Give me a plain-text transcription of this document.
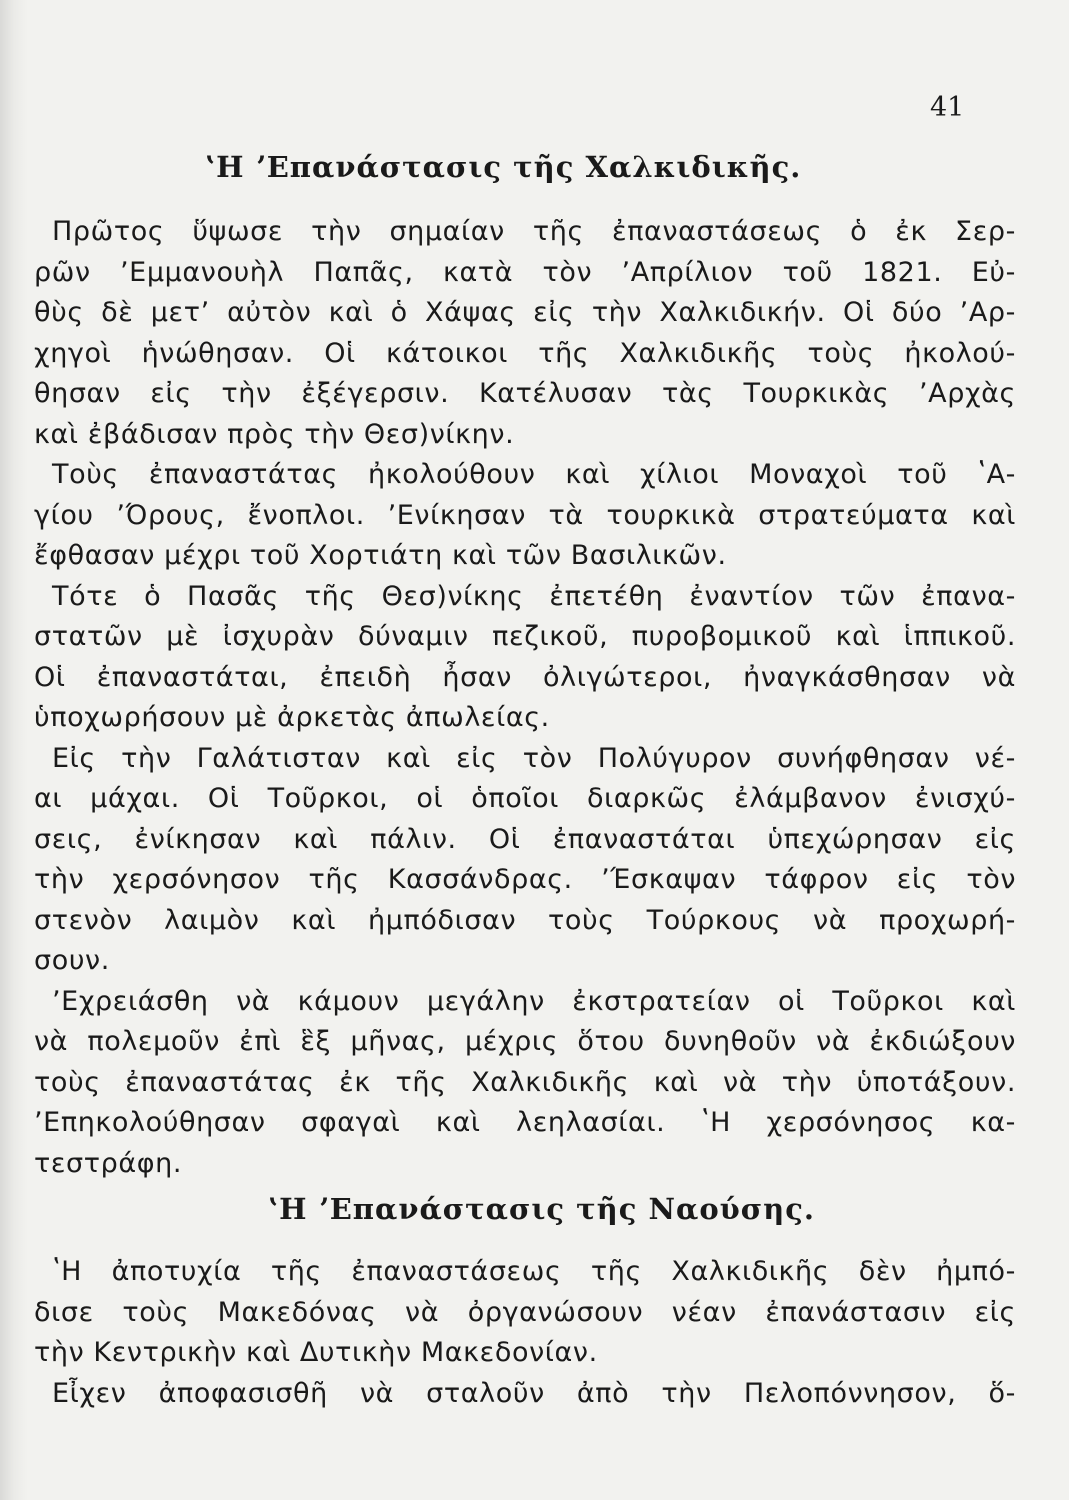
41
ʽΗ ʼΕπανάστασις τῆς Χαλκιδικῆς.
Πρῶτος ὕψωσε τὴν σημαίαν τῆς ἐπαναστάσεως ὁ ἐκ Σερ-
ρῶν ʼΕμμανουὴλ Παπᾶς, κατὰ τὸν ʼΑπρίλιον τοῦ 1821. Εὐ-
θὺς δὲ μετʼ αὐτὸν καὶ ὁ Χάψας εἰς τὴν Χαλκιδικήν. Οἱ δύο ʼΑρ-
χηγοὶ ἡνώθησαν. Οἱ κάτοικοι τῆς Χαλκιδικῆς τοὺς ἠκολού-
θησαν εἰς τὴν ἐξέγερσιν. Κατέλυσαν τὰς Τουρκικὰς ʼΑρχὰς
καὶ ἐβάδισαν πρὸς τὴν Θεσ)νίκην.
Τοὺς ἐπαναστάτας ἠκολούθουν καὶ χίλιοι Μοναχοὶ τοῦ ʽΑ-
γίου ʼΌρους, ἔνοπλοι. ʼΕνίκησαν τὰ τουρκικὰ στρατεύματα καὶ
ἔφθασαν μέχρι τοῦ Χορτιάτη καὶ τῶν Βασιλικῶν.
Τότε ὁ Πασᾶς τῆς Θεσ)νίκης ἐπετέθη ἐναντίον τῶν ἐπανα-
στατῶν μὲ ἰσχυρὰν δύναμιν πεζικοῦ, πυροβομικοῦ καὶ ἱππικοῦ.
Οἱ ἐπαναστάται, ἐπειδὴ ἦσαν ὀλιγώτεροι, ἠναγκάσθησαν νὰ
ὑποχωρήσουν μὲ ἀρκετὰς ἀπωλείας.
Εἰς τὴν Γαλάτισταν καὶ εἰς τὸν Πολύγυρον συνήφθησαν νέ-
αι μάχαι. Οἱ Τοῦρκοι, οἱ ὁποῖοι διαρκῶς ἐλάμβανον ἐνισχύ-
σεις, ἐνίκησαν καὶ πάλιν. Οἱ ἐπαναστάται ὑπεχώρησαν εἰς
τὴν χερσόνησον τῆς Κασσάνδρας. ʼΈσκαψαν τάφρον εἰς τὸν
στενὸν λαιμὸν καὶ ἠμπόδισαν τοὺς Τούρκους νὰ προχωρή-
σουν.
ʼΕχρειάσθη νὰ κάμουν μεγάλην ἐκστρατείαν οἱ Τοῦρκοι καὶ
νὰ πολεμοῦν ἐπὶ ἓξ μῆνας, μέχρις ὅτου δυνηθοῦν νὰ ἐκδιώξουν
τοὺς ἐπαναστάτας ἐκ τῆς Χαλκιδικῆς καὶ νὰ τὴν ὑποτάξουν.
ʼΕπηκολούθησαν σφαγαὶ καὶ λεηλασίαι. ʽΗ χερσόνησος κα-
τεστράφη.
ʽΗ ʼΕπανάστασις τῆς Ναούσης.
ʽΗ ἀποτυχία τῆς ἐπαναστάσεως τῆς Χαλκιδικῆς δὲν ἠμπό-
δισε τοὺς Μακεδόνας νὰ ὀργανώσουν νέαν ἐπανάστασιν εἰς
τὴν Κεντρικὴν καὶ Δυτικὴν Μακεδονίαν.
Εἶχεν ἀποφασισθῆ νὰ σταλοῦν ἀπὸ τὴν Πελοπόννησον, ὅ-
